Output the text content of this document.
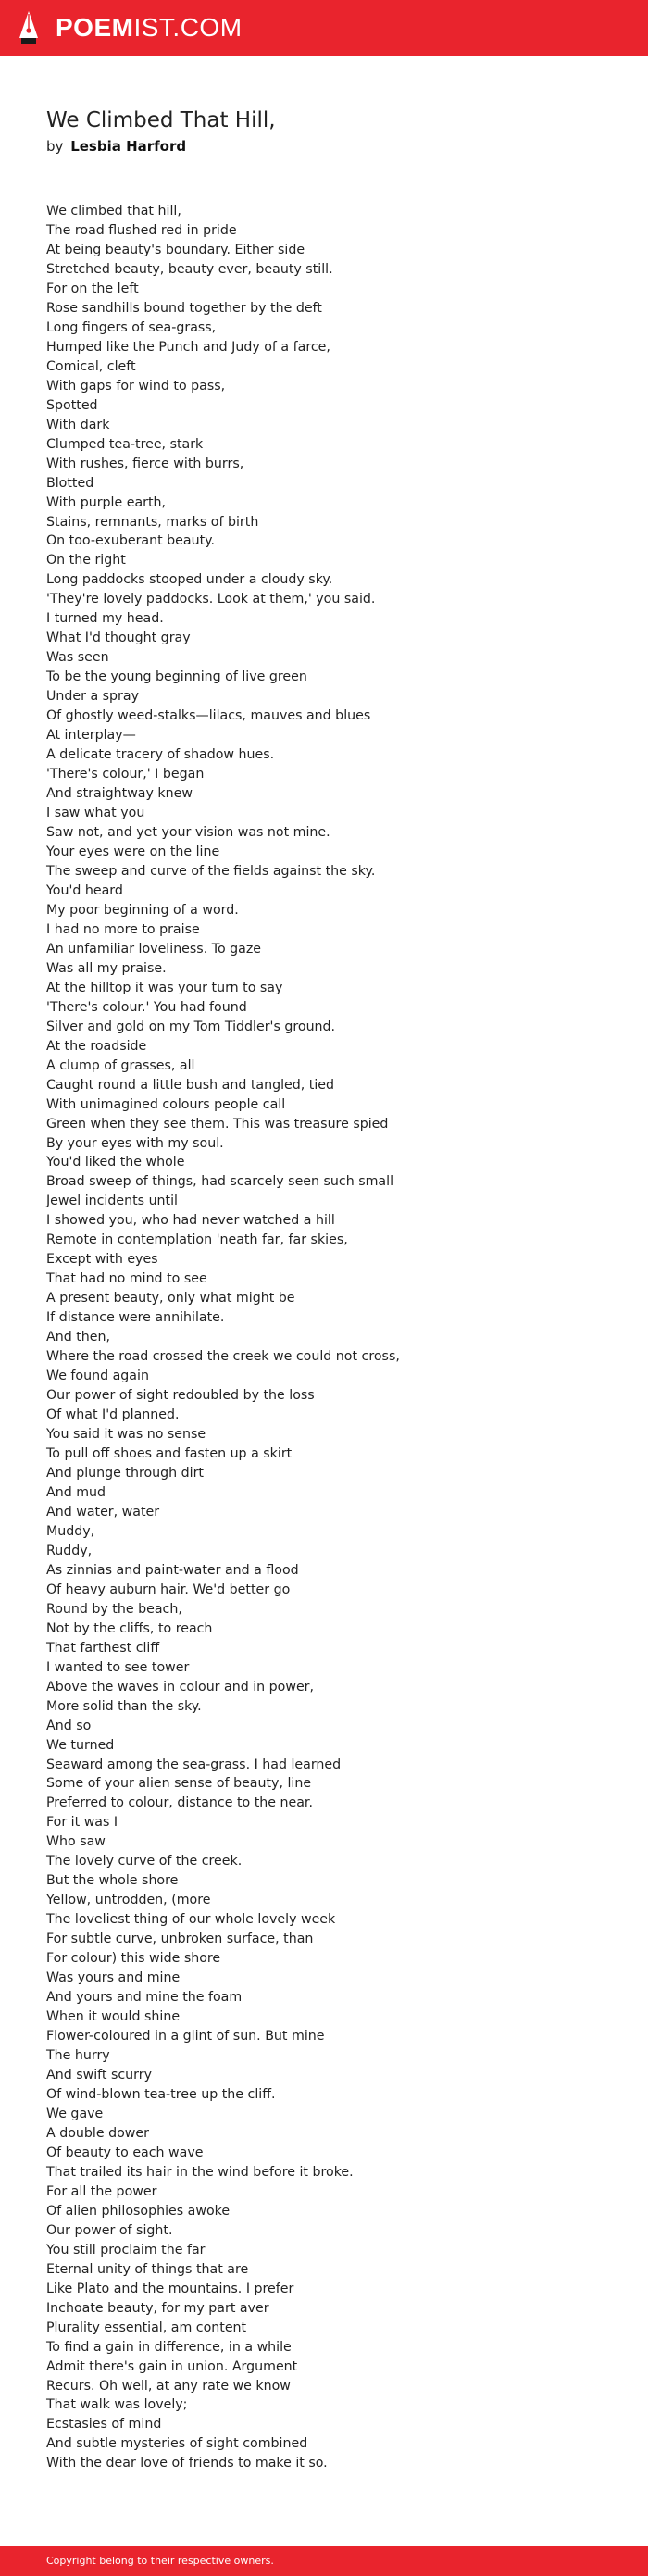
POEMIST.COM
We Climbed That Hill,
by Lesbia Harford
We climbed that hill,
The road flushed red in pride
At being beauty's boundary. Either side
Stretched beauty, beauty ever, beauty still.
For on the left
Rose sandhills bound together by the deft
Long fingers of sea-grass,
Humped like the Punch and Judy of a farce,
Comical, cleft
With gaps for wind to pass,
Spotted
With dark
Clumped tea-tree, stark
With rushes, fierce with burrs,
Blotted
With purple earth,
Stains, remnants, marks of birth
On too-exuberant beauty.
On the right
Long paddocks stooped under a cloudy sky.
'They're lovely paddocks. Look at them,' you said.
I turned my head.
What I'd thought gray
Was seen
To be the young beginning of live green
Under a spray
Of ghostly weed-stalks—lilacs, mauves and blues
At interplay—
A delicate tracery of shadow hues.
'There's colour,' I began
And straightway knew
I saw what you
Saw not, and yet your vision was not mine.
Your eyes were on the line
The sweep and curve of the fields against the sky.
You'd heard
My poor beginning of a word.
I had no more to praise
An unfamiliar loveliness. To gaze
Was all my praise.
At the hilltop it was your turn to say
'There's colour.' You had found
Silver and gold on my Tom Tiddler's ground.
At the roadside
A clump of grasses, all
Caught round a little bush and tangled, tied
With unimagined colours people call
Green when they see them. This was treasure spied
By your eyes with my soul.
You'd liked the whole
Broad sweep of things, had scarcely seen such small
Jewel incidents until
I showed you, who had never watched a hill
Remote in contemplation 'neath far, far skies,
Except with eyes
That had no mind to see
A present beauty, only what might be
If distance were annihilate.
And then,
Where the road crossed the creek we could not cross,
We found again
Our power of sight redoubled by the loss
Of what I'd planned.
You said it was no sense
To pull off shoes and fasten up a skirt
And plunge through dirt
And mud
And water, water
Muddy,
Ruddy,
As zinnias and paint-water and a flood
Of heavy auburn hair. We'd better go
Round by the beach,
Not by the cliffs, to reach
That farthest cliff
I wanted to see tower
Above the waves in colour and in power,
More solid than the sky.
And so
We turned
Seaward among the sea-grass. I had learned
Some of your alien sense of beauty, line
Preferred to colour, distance to the near.
For it was I
Who saw
The lovely curve of the creek.
But the whole shore
Yellow, untrodden, (more
The loveliest thing of our whole lovely week
For subtle curve, unbroken surface, than
For colour) this wide shore
Was yours and mine
And yours and mine the foam
When it would shine
Flower-coloured in a glint of sun. But mine
The hurry
And swift scurry
Of wind-blown tea-tree up the cliff.
We gave
A double dower
Of beauty to each wave
That trailed its hair in the wind before it broke.
For all the power
Of alien philosophies awoke
Our power of sight.
You still proclaim the far
Eternal unity of things that are
Like Plato and the mountains. I prefer
Inchoate beauty, for my part aver
Plurality essential, am content
To find a gain in difference, in a while
Admit there's gain in union. Argument
Recurs. Oh well, at any rate we know
That walk was lovely;
Ecstasies of mind
And subtle mysteries of sight combined
With the dear love of friends to make it so.
Copyright belong to their respective owners.
